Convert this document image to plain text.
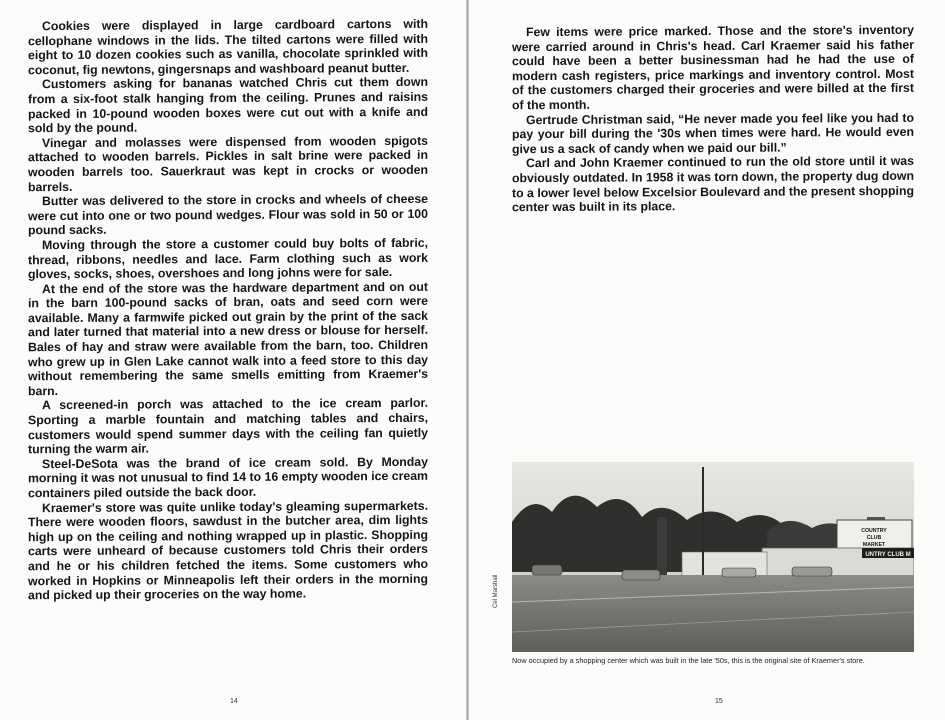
Cookies were displayed in large cardboard cartons with cellophane windows in the lids. The tilted cartons were filled with eight to 10 dozen cookies such as vanilla, chocolate sprinkled with coconut, fig newtons, gingersnaps and washboard peanut butter.

Customers asking for bananas watched Chris cut them down from a six-foot stalk hanging from the ceiling. Prunes and raisins packed in 10-pound wooden boxes were cut out with a knife and sold by the pound.

Vinegar and molasses were dispensed from wooden spigots attached to wooden barrels. Pickles in salt brine were packed in wooden barrels too. Sauerkraut was kept in crocks or wooden barrels.

Butter was delivered to the store in crocks and wheels of cheese were cut into one or two pound wedges. Flour was sold in 50 or 100 pound sacks.

Moving through the store a customer could buy bolts of fabric, thread, ribbons, needles and lace. Farm clothing such as work gloves, socks, shoes, overshoes and long johns were for sale.

At the end of the store was the hardware department and on out in the barn 100-pound sacks of bran, oats and seed corn were available. Many a farmwife picked out grain by the print of the sack and later turned that material into a new dress or blouse for herself. Bales of hay and straw were available from the barn, too. Children who grew up in Glen Lake cannot walk into a feed store to this day without remembering the same smells emitting from Kraemer's barn.

A screened-in porch was attached to the ice cream parlor. Sporting a marble fountain and matching tables and chairs, customers would spend summer days with the ceiling fan quietly turning the warm air.

Steel-DeSota was the brand of ice cream sold. By Monday morning it was not unusual to find 14 to 16 empty wooden ice cream containers piled outside the back door.

Kraemer's store was quite unlike today's gleaming supermarkets. There were wooden floors, sawdust in the butcher area, dim lights high up on the ceiling and nothing wrapped up in plastic. Shopping carts were unheard of because customers told Chris their orders and he or his children fetched the items. Some customers who worked in Hopkins or Minneapolis left their orders in the morning and picked up their groceries on the way home.

14

Few items were price marked. Those and the store's inventory were carried around in Chris's head. Carl Kraemer said his father could have been a better businessman had he had the use of modern cash registers, price markings and inventory control. Most of the customers charged their groceries and were billed at the first of the month.

Gertrude Christman said, “He never made you feel like you had to pay your bill during the '30s when times were hard. He would even give us a sack of candy when we paid our bill.”

Carl and John Kraemer continued to run the old store until it was obviously outdated. In 1958 it was torn down, the property dug down to a lower level below Excelsior Boulevard and the present shopping center was built in its place.

COUNTRY
CLUB
MARKET
UNTRY CLUB M
Cel Marshall
Now occupied by a shopping center which was built in the late '50s, this is the original site of Kraemer's store.
15
